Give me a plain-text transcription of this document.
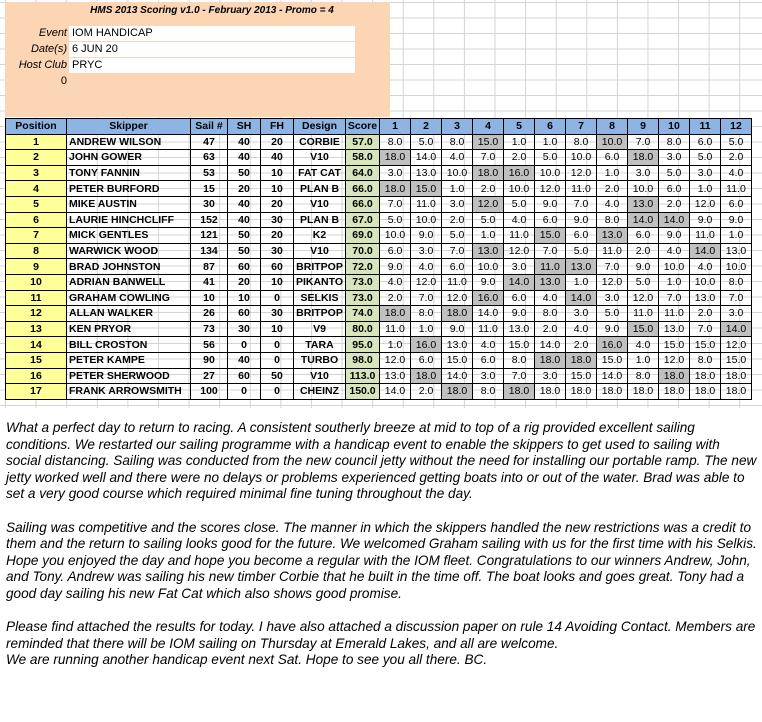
HMS 2013 Scoring v1.0 - February 2013 - Promo = 4
Event IOM HANDICAP
Date(s) 6 JUN 20
Host Club PRYC
0
Position	Skipper	Sail #	SH	FH	Design	Score	1	2	3	4	5	6	7	8	9	10	11	12
1	ANDREW WILSON	47	40	20	CORBIE	57.0	8.0	5.0	8.0	15.0	1.0	1.0	8.0	10.0	7.0	8.0	6.0	5.0
2	JOHN GOWER	63	40	40	V10	58.0	18.0	14.0	4.0	7.0	2.0	5.0	10.0	6.0	18.0	3.0	5.0	2.0
3	TONY FANNIN	53	50	10	FAT CAT	64.0	3.0	13.0	10.0	18.0	16.0	10.0	12.0	1.0	3.0	5.0	3.0	4.0
4	PETER BURFORD	15	20	10	PLAN B	66.0	18.0	15.0	1.0	2.0	10.0	12.0	11.0	2.0	10.0	6.0	1.0	11.0
5	MIKE AUSTIN	30	40	20	V10	66.0	7.0	11.0	3.0	12.0	5.0	9.0	7.0	4.0	13.0	2.0	12.0	6.0
6	LAURIE HINCHCLIFF	152	40	30	PLAN B	67.0	5.0	10.0	2.0	5.0	4.0	6.0	9.0	8.0	14.0	14.0	9.0	9.0
7	MICK GENTLES	121	50	20	K2	69.0	10.0	9.0	5.0	1.0	11.0	15.0	6.0	13.0	6.0	9.0	11.0	1.0
8	WARWICK WOOD	134	50	30	V10	70.0	6.0	3.0	7.0	13.0	12.0	7.0	5.0	11.0	2.0	4.0	14.0	13.0
9	BRAD JOHNSTON	87	60	60	BRITPOP	72.0	9.0	4.0	6.0	10.0	3.0	11.0	13.0	7.0	9.0	10.0	4.0	10.0
10	ADRIAN BANWELL	41	20	10	PIKANTO	73.0	4.0	12.0	11.0	9.0	14.0	13.0	1.0	12.0	5.0	1.0	10.0	8.0
11	GRAHAM COWLING	10	10	0	SELKIS	73.0	2.0	7.0	12.0	16.0	6.0	4.0	14.0	3.0	12.0	7.0	13.0	7.0
12	ALLAN WALKER	26	60	30	BRITPOP	74.0	18.0	8.0	18.0	14.0	9.0	8.0	3.0	5.0	11.0	11.0	2.0	3.0
13	KEN PRYOR	73	30	10	V9	80.0	11.0	1.0	9.0	11.0	13.0	2.0	4.0	9.0	15.0	13.0	7.0	14.0
14	BILL CROSTON	56	0	0	TARA	95.0	1.0	16.0	13.0	4.0	15.0	14.0	2.0	16.0	4.0	15.0	15.0	12.0
15	PETER KAMPE	90	40	0	TURBO	98.0	12.0	6.0	15.0	6.0	8.0	18.0	18.0	15.0	1.0	12.0	8.0	15.0
16	PETER SHERWOOD	27	60	50	V10	113.0	13.0	18.0	14.0	3.0	7.0	3.0	15.0	14.0	8.0	18.0	18.0	18.0
17	FRANK ARROWSMITH	100	0	0	CHEINZ	150.0	14.0	2.0	18.0	8.0	18.0	18.0	18.0	18.0	18.0	18.0	18.0	18.0

What a perfect day to return to racing. A consistent southerly breeze at mid to top of a rig provided excellent sailing conditions. We restarted our sailing programme with a handicap event to enable the skippers to get used to sailing with social distancing. Sailing was conducted from the new council jetty without the need for installing our portable ramp. The new jetty worked well and there were no delays or problems experienced getting boats into or out of the water. Brad was able to set a very good course which required minimal fine tuning throughout the day.

Sailing was competitive and the scores close. The manner in which the skippers handled the new restrictions was a credit to them and the return to sailing looks good for the future. We welcomed Graham sailing with us for the first time with his Selkis. Hope you enjoyed the day and hope you become a regular with the IOM fleet. Congratulations to our winners Andrew, John, and Tony. Andrew was sailing his new timber Corbie that he built in the time off. The boat looks and goes great. Tony had a good day sailing his new Fat Cat which also shows good promise.

Please find attached the results for today. I have also attached a discussion paper on rule 14 Avoiding Contact. Members are reminded that there will be IOM sailing on Thursday at Emerald Lakes, and all are welcome.

We are running another handicap event next Sat. Hope to see you all there. BC.
